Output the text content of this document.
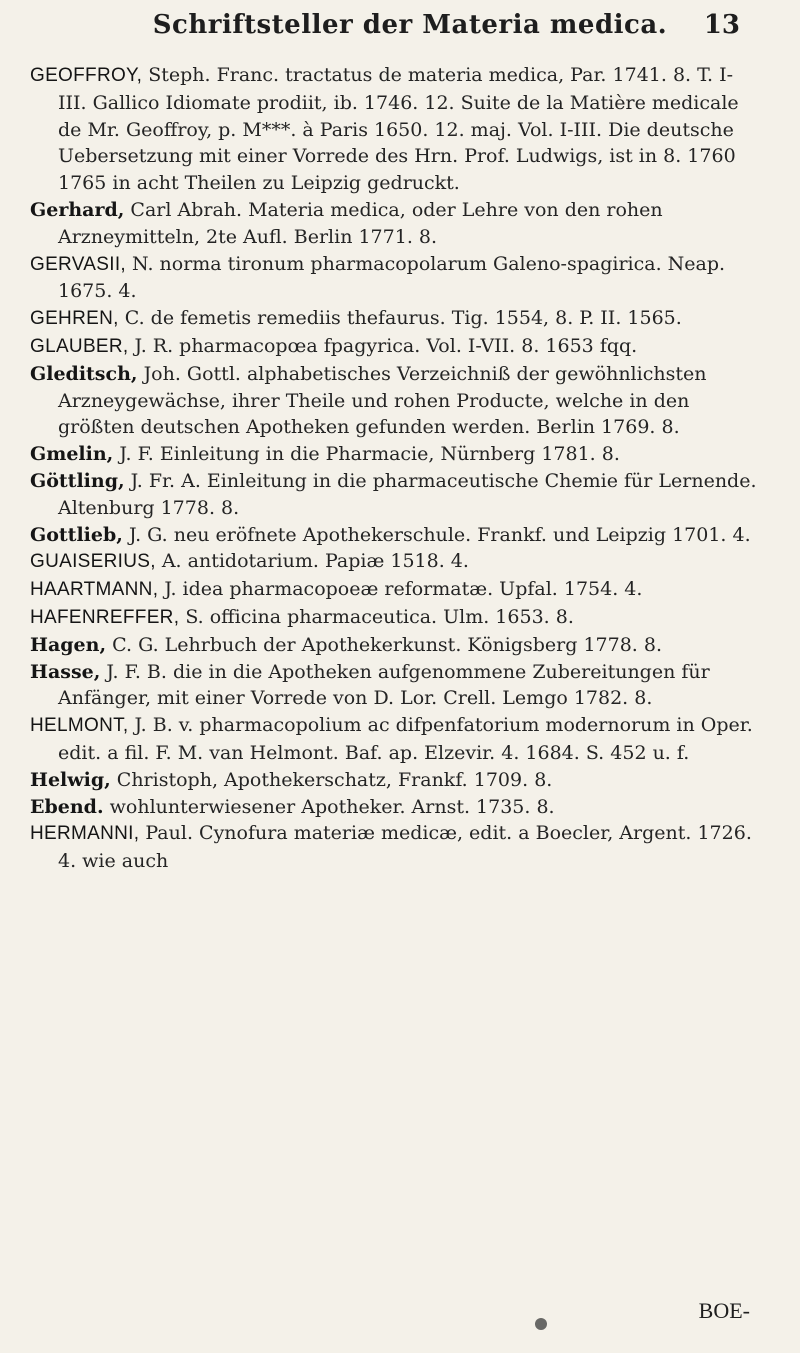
Schriftsteller der Materia medica. 13
GEOFFROY, Steph. Franc. tractatus de materia medica, Par. 1741. 8. T. I-III. Gallico Idiomate prodiit, ib. 1746. 12. Suite de la Matière medicale de Mr. Geoffroy, p. M***. à Paris 1650. 12. maj. Vol. I-III. Die deutsche Uebersetzung mit einer Vorrede des Hrn. Prof. Ludwigs, ist in 8. 1760 1765 in acht Theilen zu Leipzig gedruckt.
Gerhard, Carl Abrah. Materia medica, oder Lehre von den rohen Arzneymitteln, 2te Aufl. Berlin 1771. 8.
GERVASII, N. norma tironum pharmacopolarum Galeno-spagirica. Neap. 1675. 4.
GEHREN, C. de femetis remediis thefaurus. Tig. 1554, 8. P. II. 1565.
GLAUBER, J. R. pharmacopœa fpagyrica. Vol. I-VII. 8. 1653 fqq.
Gleditsch, Joh. Gottl. alphabetisches Verzeichniß der gewöhnlichsten Arzneygewächse, ihrer Theile und rohen Producte, welche in den größten deutschen Apotheken gefunden werden. Berlin 1769. 8.
Gmelin, J. F. Einleitung in die Pharmacie, Nürnberg 1781. 8.
Göttling, J. Fr. A. Einleitung in die pharmaceutische Chemie für Lernende. Altenburg 1778. 8.
Gottlieb, J. G. neu eröfnete Apothekerschule. Frankf. und Leipzig 1701. 4.
GUAISERIUS, A. antidotarium. Papiæ 1518. 4.
HAARTMANN, J. idea pharmacopoeæ reformatæ. Upfal. 1754. 4.
HAFENREFFER, S. officina pharmaceutica. Ulm. 1653. 8.
Hagen, C. G. Lehrbuch der Apothekerkunst. Königsberg 1778. 8.
Hasse, J. F. B. die in die Apotheken aufgenommene Zubereitungen für Anfänger, mit einer Vorrede von D. Lor. Crell. Lemgo 1782. 8.
HELMONT, J. B. v. pharmacopolium ac difpenfatorium modernorum in Oper. edit. a fil. F. M. van Helmont. Baf. ap. Elzevir. 4. 1684. S. 452 u. f.
Helwig, Christoph, Apothekerschatz, Frankf. 1709. 8.
Ebend. wohlunterwiesener Apotheker. Arnst. 1735. 8.
HERMANNI, Paul. Cynofura materiæ medicæ, edit. a Boecler, Argent. 1726. 4. wie auch
BOE-
